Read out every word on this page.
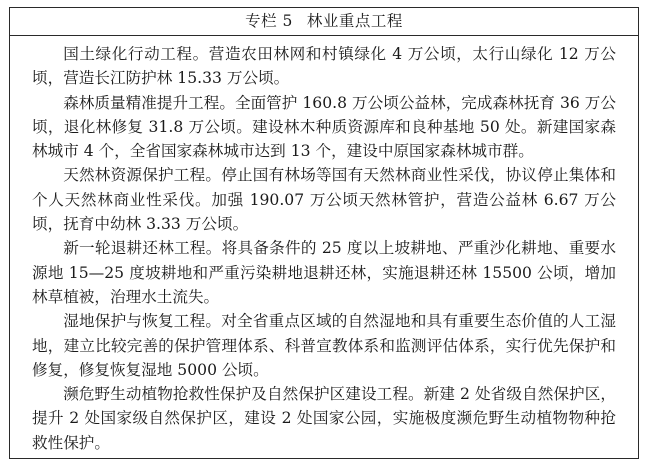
专栏 5 林业重点工程

国土绿化行动工程。营造农田林网和村镇绿化 4 万公顷，太行山绿化 12 万公顷，营造长江防护林 15.33 万公顷。

森林质量精准提升工程。全面管护 160.8 万公顷公益林，完成森林抚育 36 万公顷，退化林修复 31.8 万公顷。建设林木种质资源库和良种基地 50 处。新建国家森林城市 4 个，全省国家森林城市达到 13 个，建设中原国家森林城市群。

天然林资源保护工程。停止国有林场等国有天然林商业性采伐，协议停止集体和个人天然林商业性采伐。加强 190.07 万公顷天然林管护，营造公益林 6.67 万公顷，抚育中幼林 3.33 万公顷。

新一轮退耕还林工程。将具备条件的 25 度以上坡耕地、严重沙化耕地、重要水源地 15—25 度坡耕地和严重污染耕地退耕还林，实施退耕还林 15500 公顷，增加林草植被，治理水土流失。

湿地保护与恢复工程。对全省重点区域的自然湿地和具有重要生态价值的人工湿地，建立比较完善的保护管理体系、科普宣教体系和监测评估体系，实行优先保护和修复，修复恢复湿地 5000 公顷。

濒危野生动植物抢救性保护及自然保护区建设工程。新建 2 处省级自然保护区，提升 2 处国家级自然保护区，建设 2 处国家公园，实施极度濒危野生动植物物种抢救性保护。
